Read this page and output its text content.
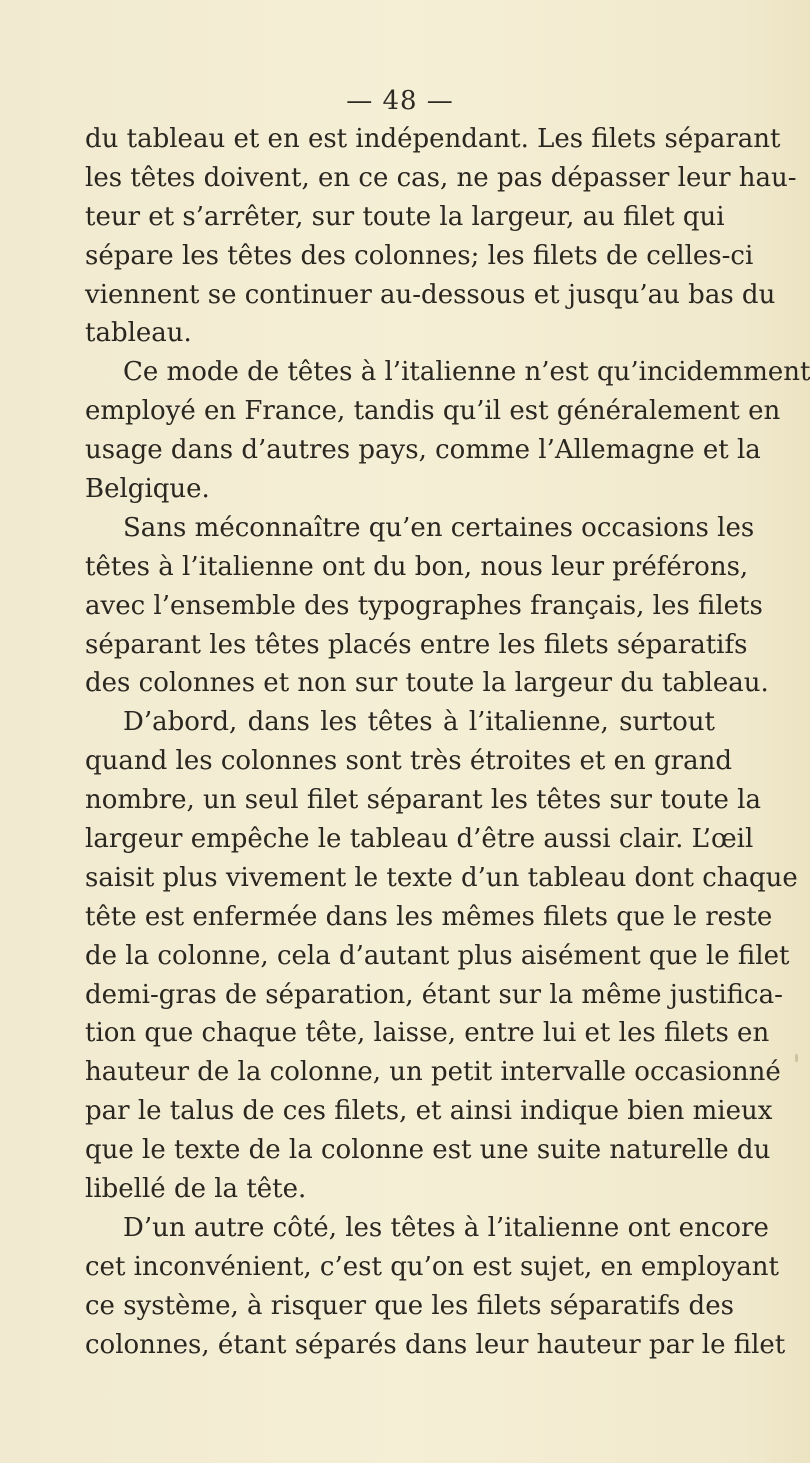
— 48 —
du tableau et en est indépendant. Les filets séparant
les têtes doivent, en ce cas, ne pas dépasser leur hau-
teur et s’arrêter, sur toute la largeur, au filet qui
sépare les têtes des colonnes; les filets de celles-ci
viennent se continuer au-dessous et jusqu’au bas du
tableau.
Ce mode de têtes à l’italienne n’est qu’incidemment
employé en France, tandis qu’il est généralement en
usage dans d’autres pays, comme l’Allemagne et la
Belgique.
Sans méconnaître qu’en certaines occasions les
têtes à l’italienne ont du bon, nous leur préférons,
avec l’ensemble des typographes français, les filets
séparant les têtes placés entre les filets séparatifs
des colonnes et non sur toute la largeur du tableau.
D’abord, dans les têtes à l’italienne, surtout
quand les colonnes sont très étroites et en grand
nombre, un seul filet séparant les têtes sur toute la
largeur empêche le tableau d’être aussi clair. L’œil
saisit plus vivement le texte d’un tableau dont chaque
tête est enfermée dans les mêmes filets que le reste
de la colonne, cela d’autant plus aisément que le filet
demi-gras de séparation, étant sur la même justifica-
tion que chaque tête, laisse, entre lui et les filets en
hauteur de la colonne, un petit intervalle occasionné
par le talus de ces filets, et ainsi indique bien mieux
que le texte de la colonne est une suite naturelle du
libellé de la tête.
D’un autre côté, les têtes à l’italienne ont encore
cet inconvénient, c’est qu’on est sujet, en employant
ce système, à risquer que les filets séparatifs des
colonnes, étant séparés dans leur hauteur par le filet
